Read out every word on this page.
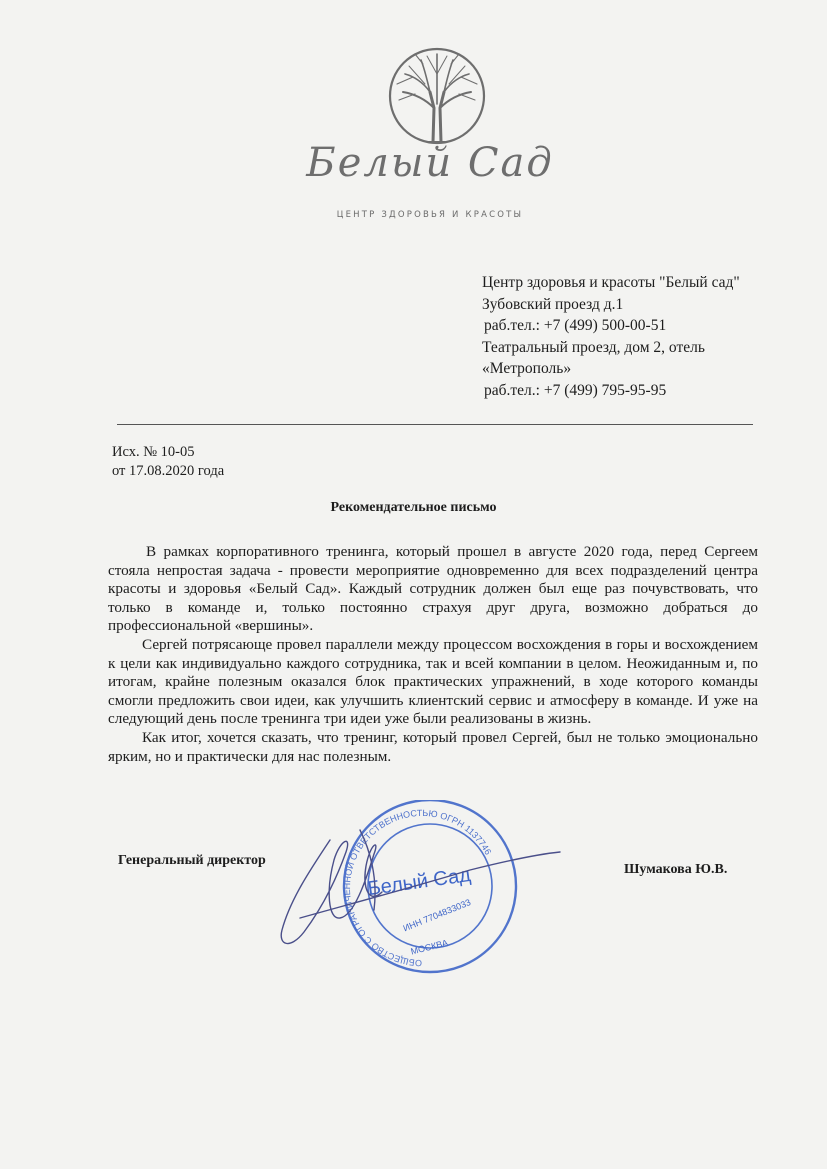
Белый Сад
ЦЕНТР ЗДОРОВЬЯ И КРАСОТЫ
Центр здоровья и красоты "Белый сад"
Зубовский проезд д.1
раб.тел.: +7 (499) 500-00-51
Театральный проезд, дом 2, отель
«Метрополь»
раб.тел.: +7 (499) 795-95-95
Исх. № 10-05
от 17.08.2020 года
Рекомендательное письмо

В рамках корпоративного тренинга, который прошел в августе 2020 года, перед Сергеем стояла непростая задача - провести мероприятие одновременно для всех подразделений центра красоты и здоровья «Белый Сад». Каждый сотрудник должен был еще раз почувствовать, что только в команде и, только постоянно страхуя друг друга, возможно добраться до профессиональной «вершины».

Сергей потрясающе провел параллели между процессом восхождения в горы и восхождением к цели как индивидуально каждого сотрудника, так и всей компании в целом. Неожиданным и, по итогам, крайне полезным оказался блок практических упражнений, в ходе которого команды смогли предложить свои идеи, как улучшить клиентский сервис и атмосферу в команде. И уже на следующий день после тренинга три идеи уже были реализованы в жизнь.

Как итог, хочется сказать, что тренинг, который провел Сергей, был не только эмоционально ярким, но и практически для нас полезным.

Генеральный директор
Шумакова Ю.В.
ОБЩЕСТВО С ОГРАНИЧЕННОЙ ОТВЕТСТВЕННОСТЬЮ ОГРН 1137746
Белый Сад
ИНН 7704833033
МОСКВА
